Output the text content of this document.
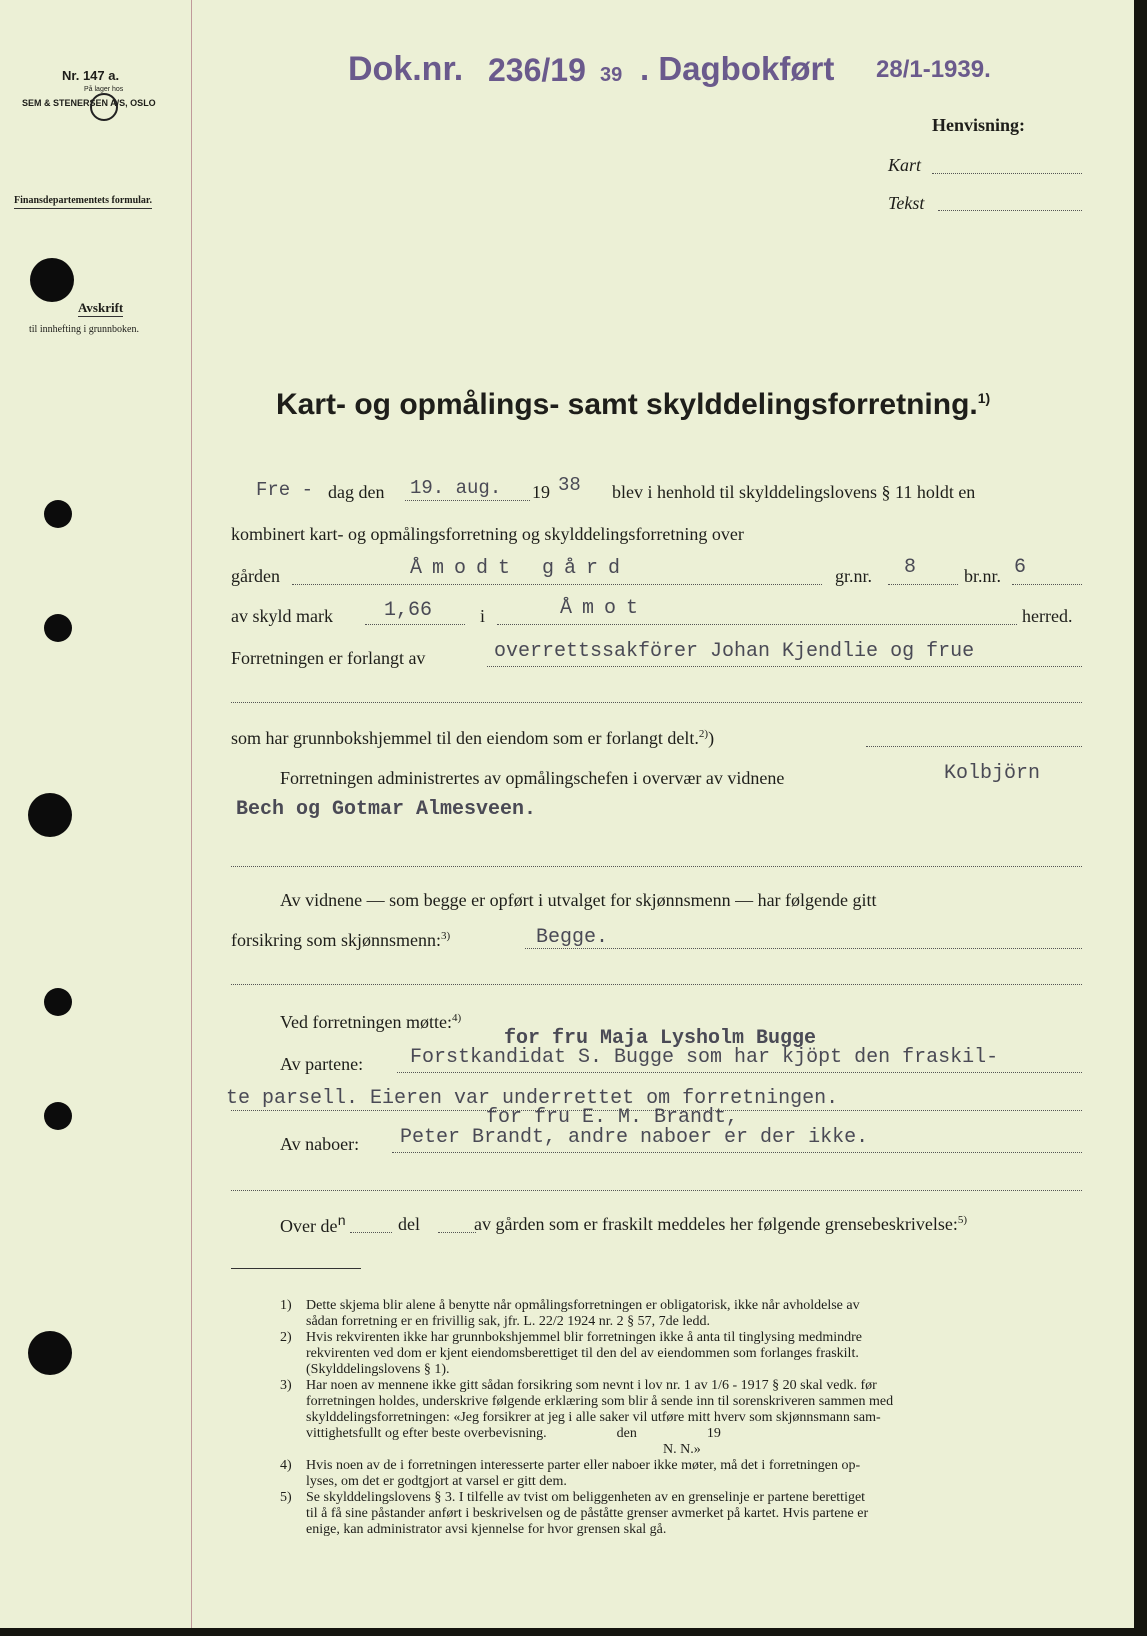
Nr. 147 a.
På lager hos
SEM & STENERSEN A/S, OSLO
Finansdepartementets formular.
Avskrift
til innhefting i grunnboken.
Dok.nr. 236/19 39 . Dagbokført 28/1-1939.
Henvisning:
Kart
Tekst
Kart- og opmålings- samt skylddelingsforretning.$^{1)}$
Fre - dag den 19. aug. 19 38 blev i henhold til skylddelingslovens § 11 holdt en
kombinert kart- og opmålingsforretning og skylddelingsforretning over
gården	Åmodt gård	gr.nr. 8	br.nr. 6
av skyld mark	1,66	i	Åmot	herred.
Forretningen er forlangt av	overrettssakförer Johan Kjendlie og frue
som har grunnbokshjemmel til den eiendom som er forlangt delt.$^{2)}$)
Forretningen administrertes av opmålingschefen i overvær av vidnene	Kolbjörn
Bech og Gotmar Almesveen.
Av vidnene — som begge er opført i utvalget for skjønnsmenn — har følgende gitt
forsikring som skjønnsmenn:$^{3)}$	Begge.
Ved forretningen møtte:$^{4)}$
for fru Maja Lysholm Bugge
Av partene: Forstkandidat S. Bugge som har kjöpt den fraskil-
te parsell. Eieren var underrettet om forretningen.
for fru E. M. Brandt,
Av naboer: Peter Brandt, andre naboer er der ikke.
Over $de^n$	del	av gården som er fraskilt meddeles her følgende grensebeskrivelse:$^{5)}$

1) Dette skjema blir alene å benytte når opmålingsforretningen er obligatorisk, ikke når avholdelse av
sådan forretning er en frivillig sak, jfr. L. 22/2 1924 nr. 2 § 57, 7de ledd.
2) Hvis rekvirenten ikke har grunnbokshjemmel blir forretningen ikke å anta til tinglysing medmindre
rekvirenten ved dom er kjent eiendomsberettiget til den del av eiendommen som forlanges fraskilt.
(Skylddelingslovens § 1).
3) Har noen av mennene ikke gitt sådan forsikring som nevnt i lov nr. 1 av 1/6 - 1917 § 20 skal vedk. før
forretningen holdes, underskrive følgende erklæring som blir å sende inn til sorenskriveren sammen med
skylddelingsforretningen: «Jeg forsikrer at jeg i alle saker vil utføre mitt hverv som skjønnsmann sam-
vittighetsfullt og efter beste overbevisning.                    den                    19
N. N.»
4) Hvis noen av de i forretningen interesserte parter eller naboer ikke møter, må det i forretningen op-
lyses, om det er godtgjort at varsel er gitt dem.
5) Se skylddelingslovens § 3. I tilfelle av tvist om beliggenheten av en grenselinje er partene berettiget
til å få sine påstander anført i beskrivelsen og de påståtte grenser avmerket på kartet. Hvis partene er
enige, kan administrator avsi kjennelse for hvor grensen skal gå.
